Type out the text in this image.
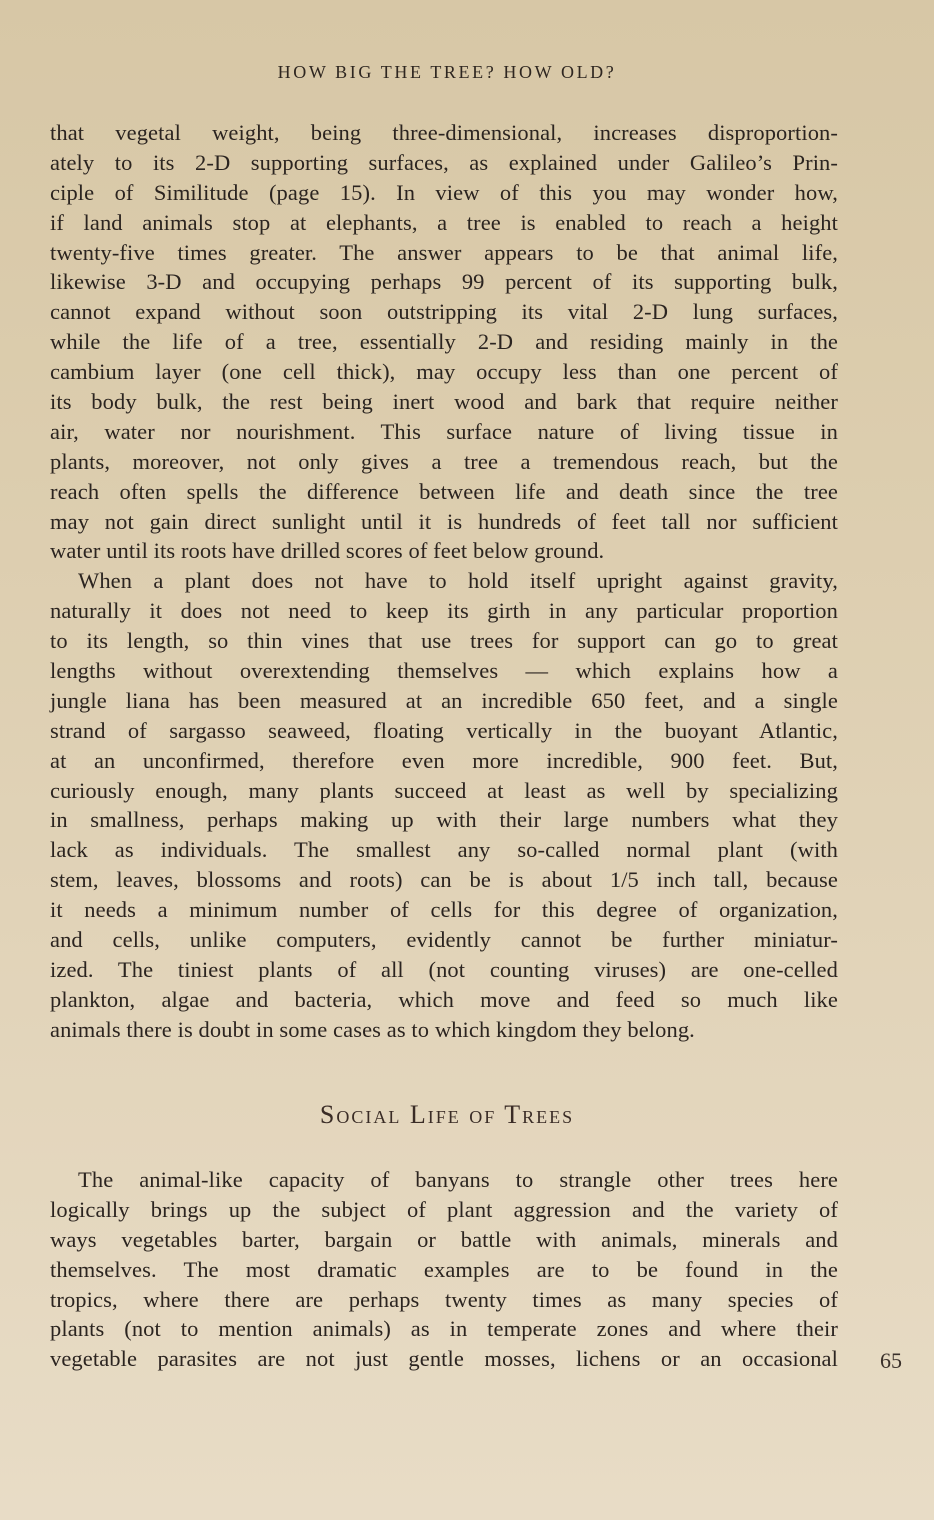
HOW BIG THE TREE? HOW OLD?
that vegetal weight, being three-dimensional, increases disproportion-
ately to its 2-D supporting surfaces, as explained under Galileo’s Prin-
ciple of Similitude (page 15). In view of this you may wonder how,
if land animals stop at elephants, a tree is enabled to reach a height
twenty-five times greater. The answer appears to be that animal life,
likewise 3-D and occupying perhaps 99 percent of its supporting bulk,
cannot expand without soon outstripping its vital 2-D lung surfaces,
while the life of a tree, essentially 2-D and residing mainly in the
cambium layer (one cell thick), may occupy less than one percent of
its body bulk, the rest being inert wood and bark that require neither
air, water nor nourishment. This surface nature of living tissue in
plants, moreover, not only gives a tree a tremendous reach, but the
reach often spells the difference between life and death since the tree
may not gain direct sunlight until it is hundreds of feet tall nor sufficient
water until its roots have drilled scores of feet below ground.
When a plant does not have to hold itself upright against gravity,
naturally it does not need to keep its girth in any particular proportion
to its length, so thin vines that use trees for support can go to great
lengths without overextending themselves — which explains how a
jungle liana has been measured at an incredible 650 feet, and a single
strand of sargasso seaweed, floating vertically in the buoyant Atlantic,
at an unconfirmed, therefore even more incredible, 900 feet. But,
curiously enough, many plants succeed at least as well by specializing
in smallness, perhaps making up with their large numbers what they
lack as individuals. The smallest any so-called normal plant (with
stem, leaves, blossoms and roots) can be is about 1/5 inch tall, because
it needs a minimum number of cells for this degree of organization,
and cells, unlike computers, evidently cannot be further miniatur-
ized. The tiniest plants of all (not counting viruses) are one-celled
plankton, algae and bacteria, which move and feed so much like
animals there is doubt in some cases as to which kingdom they belong.
Social Life of Trees
The animal-like capacity of banyans to strangle other trees here
logically brings up the subject of plant aggression and the variety of
ways vegetables barter, bargain or battle with animals, minerals and
themselves. The most dramatic examples are to be found in the
tropics, where there are perhaps twenty times as many species of
plants (not to mention animals) as in temperate zones and where their
vegetable parasites are not just gentle mosses, lichens or an occasional 65
